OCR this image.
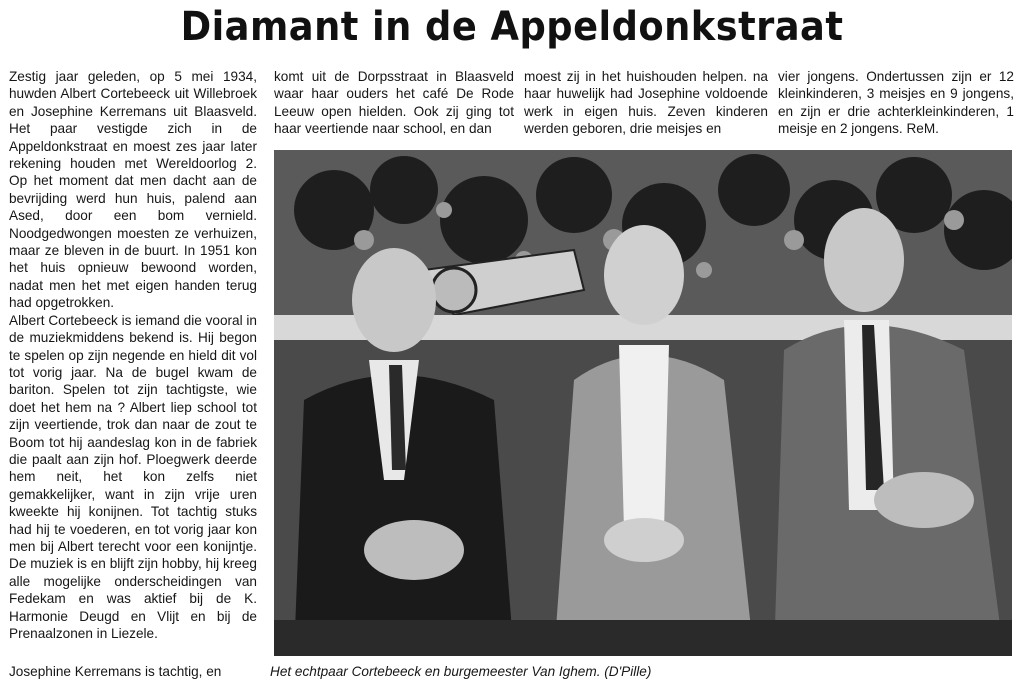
Diamant in de Appeldonkstraat

Zestig jaar geleden, op 5 mei 1934, huwden Albert Cortebeeck uit Willebroek en Josephine Kerremans uit Blaasveld. Het paar vestigde zich in de Appeldonkstraat en moest zes jaar later rekening houden met Wereldoorlog 2. Op het moment dat men dacht aan de bevrijding werd hun huis, palend aan Ased, door een bom vernield. Noodgedwongen moesten ze verhuizen, maar ze bleven in de buurt. In 1951 kon het huis opnieuw bewoond worden, nadat men het met eigen handen terug had opgetrokken.

Albert Cortebeeck is iemand die vooral in de muziekmiddens bekend is. Hij begon te spelen op zijn negende en hield dit vol tot vorig jaar. Na de bugel kwam de bariton. Spelen tot zijn tachtigste, wie doet het hem na ? Albert liep school tot zijn veertiende, trok dan naar de zout te Boom tot hij aandeslag kon in de fabriek die paalt aan zijn hof. Ploegwerk deerde hem neit, het kon zelfs niet gemakkelijker, want in zijn vrije uren kweekte hij konijnen. Tot tachtig stuks had hij te voederen, en tot vorig jaar kon men bij Albert terecht voor een konijntje. De muziek is en blijft zijn hobby, hij kreeg alle mogelijke onderscheidingen van Fedekam en was aktief bij de K. Harmonie Deugd en Vlijt en bij de Prenaalzonen in Liezele.

Josephine Kerremans is tachtig, en

komt uit de Dorpsstraat in Blaasveld waar haar ouders het café De Rode Leeuw open hielden. Ook zij ging tot haar veertiende naar school, en dan

moest zij in het huishouden helpen. na haar huwelijk had Josephine voldoende werk in eigen huis. Zeven kinderen werden geboren, drie meisjes en

vier jongens. Ondertussen zijn er 12 kleinkinderen, 3 meisjes en 9 jongens, en zijn er drie achterkleinkinderen, 1 meisje en 2 jongens. ReM.

Het echtpaar Cortebeeck en burgemeester Van Ighem. (D'Pille)
